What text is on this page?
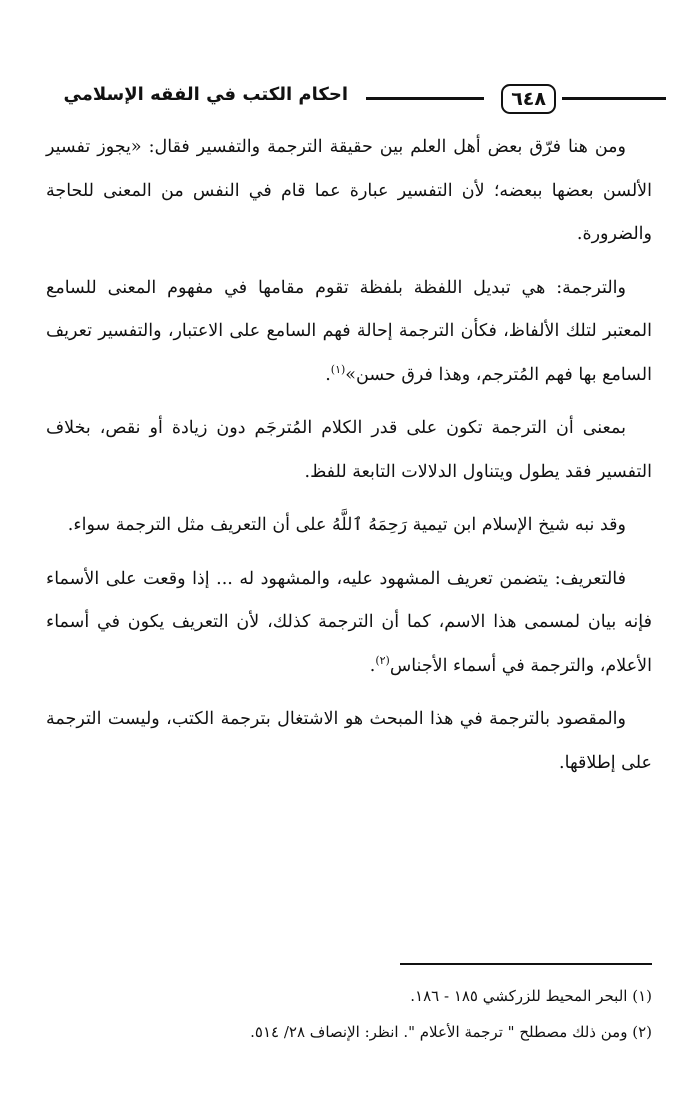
٦٤٨
احكام الكتب في الفقه الإسلامي

ومن هنا فرّق بعض أهل العلم بين حقيقة الترجمة والتفسير فقال: «يجوز تفسير الألسن بعضها ببعضه؛ لأن التفسير عبارة عما قام في النفس من المعنى للحاجة والضرورة.

والترجمة: هي تبديل اللفظة بلفظة تقوم مقامها في مفهوم المعنى للسامع المعتبر لتلك الألفاظ، فكأن الترجمة إحالة فهم السامع على الاعتبار، والتفسير تعريف السامع بها فهم المُترجم، وهذا فرق حسن»$^{(١)}$.

بمعنى أن الترجمة تكون على قدر الكلام المُترجَم دون زيادة أو نقص، بخلاف التفسير فقد يطول ويتناول الدلالات التابعة للفظ.

وقد نبه شيخ الإسلام ابن تيمية رَحِمَهُ ٱللَّهُ على أن التعريف مثل الترجمة سواء.

فالتعريف: يتضمن تعريف المشهود عليه، والمشهود له ... إذا وقعت على الأسماء فإنه بيان لمسمى هذا الاسم، كما أن الترجمة كذلك، لأن التعريف يكون في أسماء الأعلام، والترجمة في أسماء الأجناس$^{(٢)}$.

والمقصود بالترجمة في هذا المبحث هو الاشتغال بترجمة الكتب، وليست الترجمة على إطلاقها.

(١) البحر المحيط للزركشي ١٨٥ - ١٨٦.

(٢) ومن ذلك مصطلح " ترجمة الأعلام ". انظر: الإنصاف ٢٨/ ٥١٤.
